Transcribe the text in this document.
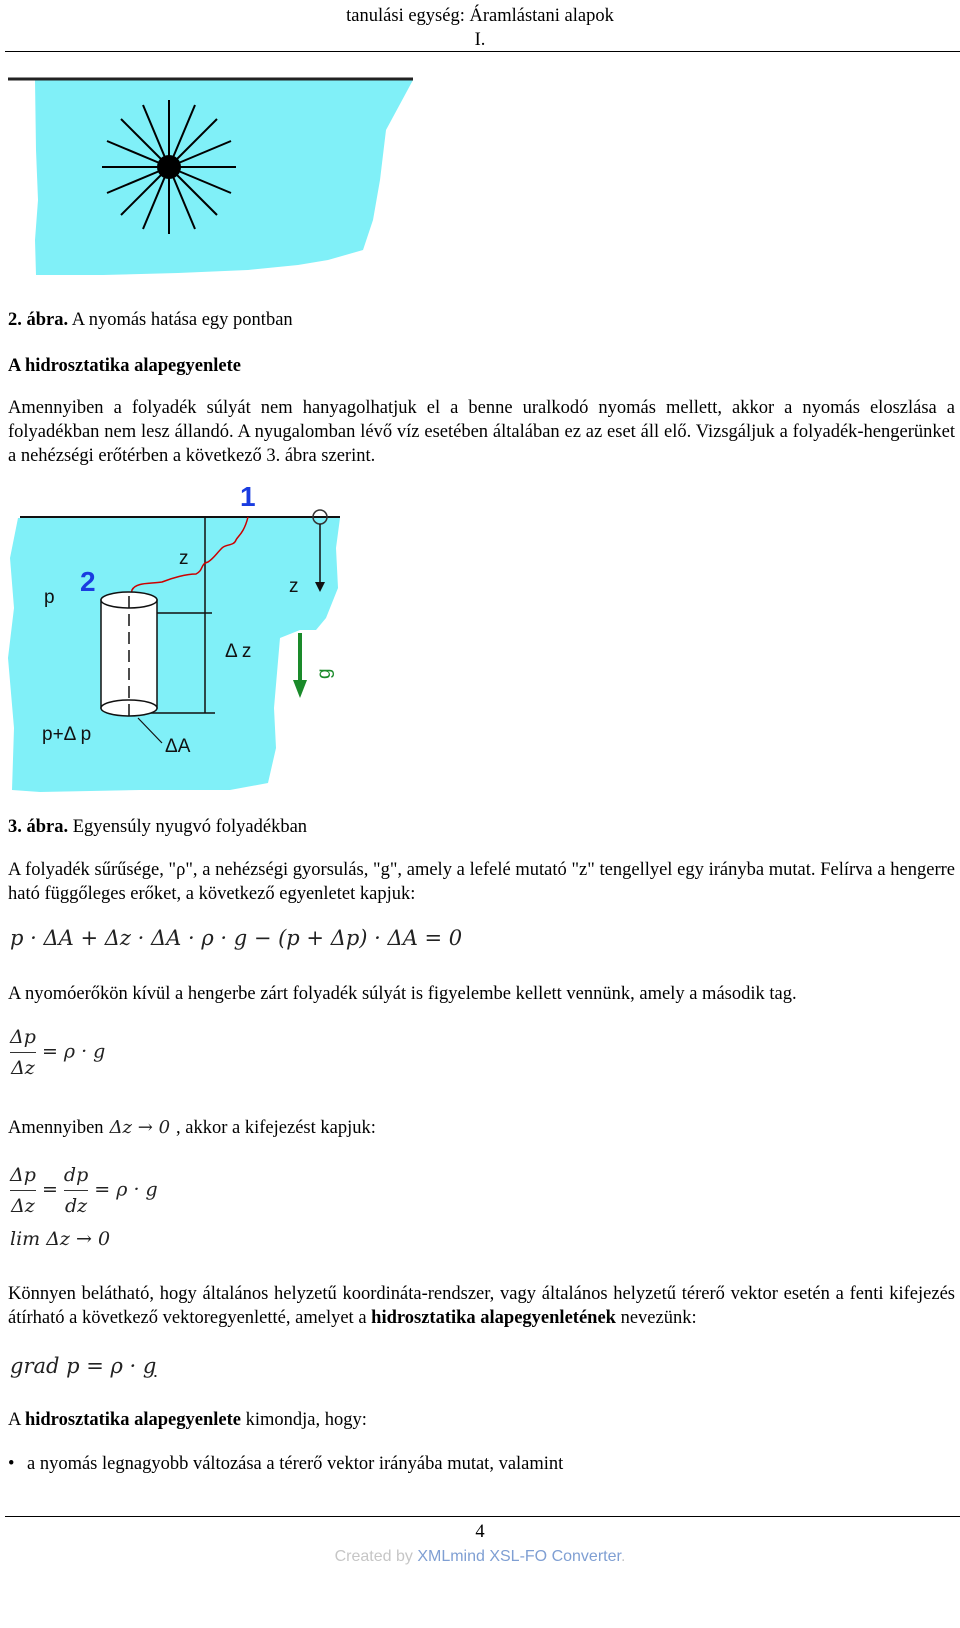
tanulási egység: Áramlástani alapok
I.
2. ábra. A nyomás hatása egy pontban
A hidrosztatika alapegyenlete
Amennyiben a folyadék súlyát nem hanyagolhatjuk el a benne uralkodó nyomás mellett, akkor a nyomás eloszlása a folyadékban nem lesz állandó. A nyugalomban lévő víz esetében általában ez az eset áll elő. Vizsgáljuk a folyadék-hengerünket a nehézségi erőtérben a következő 3. ábra szerint.
1
2
z
z
p
Δ z
g
p+Δ p
ΔA
3. ábra. Egyensúly nyugvó folyadékban
A folyadék sűrűsége, "ρ", a nehézségi gyorsulás, "g", amely a lefelé mutató "z" tengellyel egy irányba mutat. Felírva a hengerre ható függőleges erőket, a következő egyenletet kapjuk:
p · ΔA + Δz · ΔA · ρ · g − (p + Δp) · ΔA = 0
A nyomóerőkön kívül a hengerbe zárt folyadék súlyát is figyelembe kellett vennünk, amely a második tag.
$\frac{\Delta p}{\Delta z} = \rho \cdot g$
Amennyiben Δz → 0 , akkor a kifejezést kapjuk:
$\frac{\Delta p}{\Delta z} = \frac{dp}{dz} = \rho \cdot g$
lim Δz → 0
Könnyen belátható, hogy általános helyzetű koordináta-rendszer, vagy általános helyzetű térerő vektor esetén a fenti kifejezés átírható a következő vektoregyenletté, amelyet a hidrosztatika alapegyenletének nevezünk:
grad p = ρ · g
A hidrosztatika alapegyenlete kimondja, hogy:
• a nyomás legnagyobb változása a térerő vektor irányába mutat, valamint
4
Created by XMLmind XSL-FO Converter.
